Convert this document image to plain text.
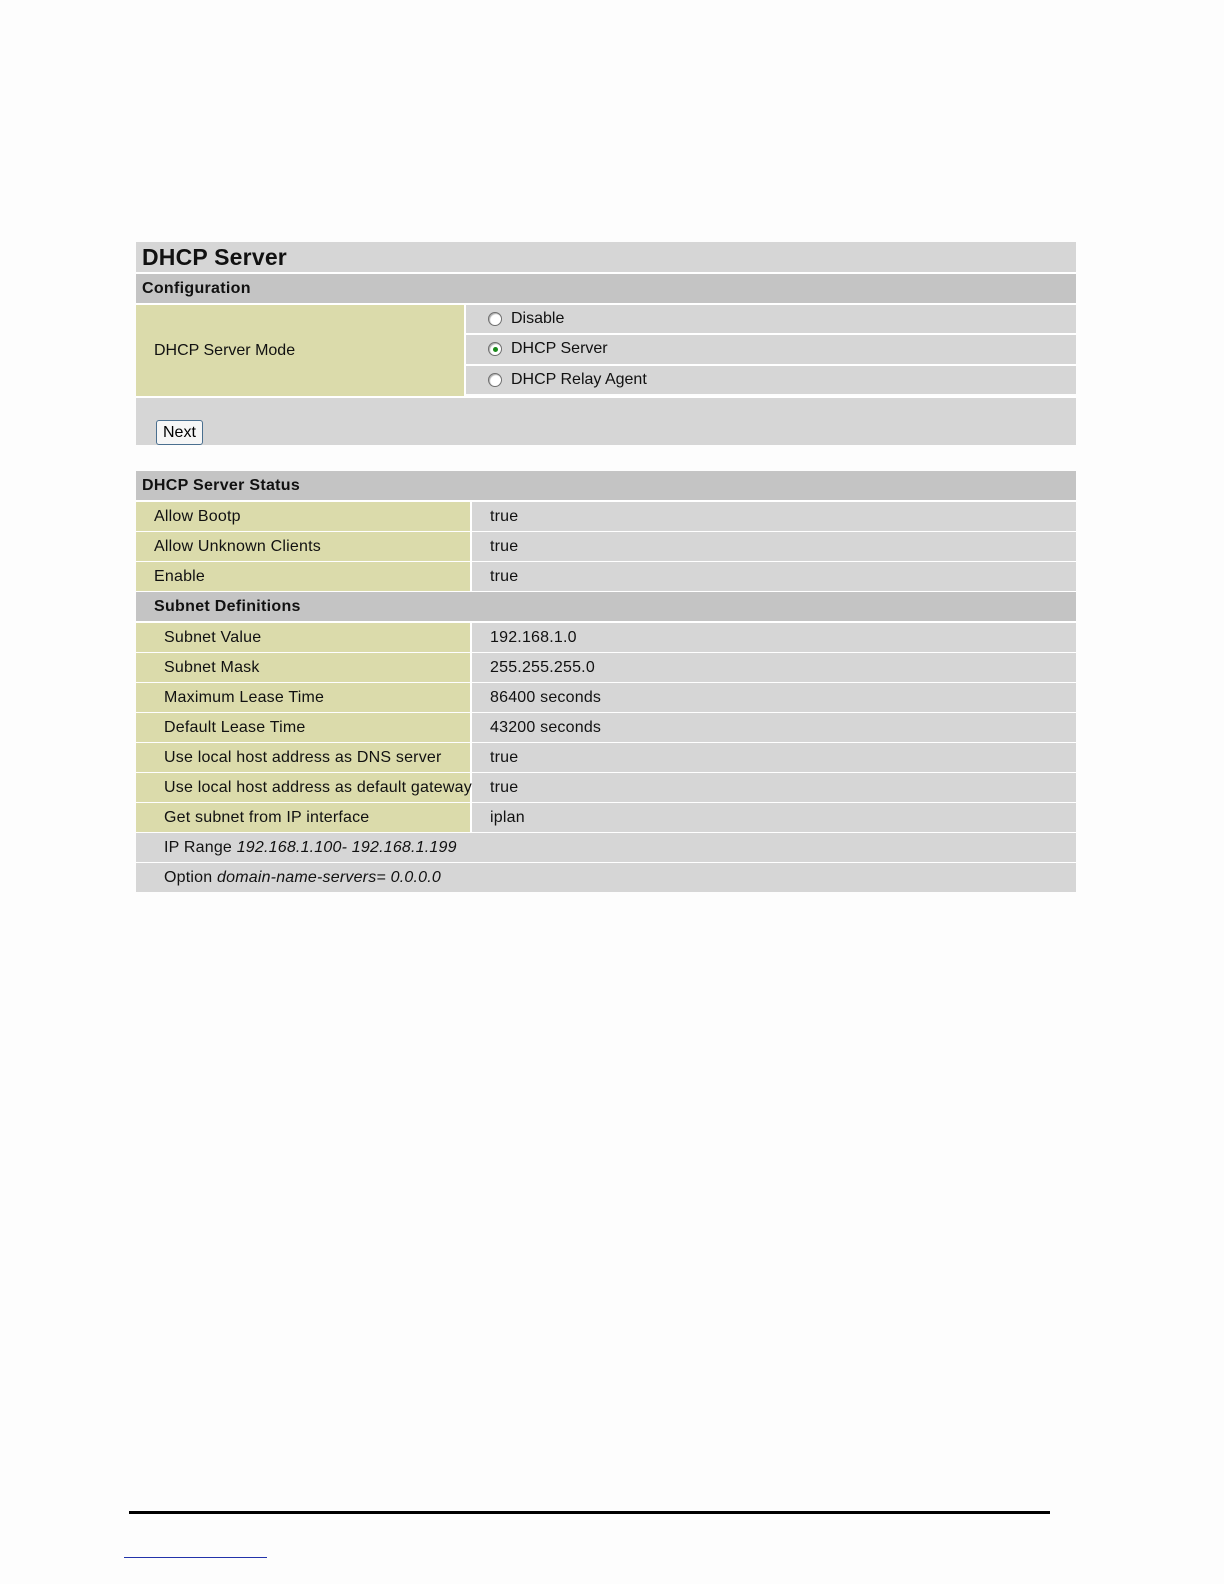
DHCP Server
Configuration
DHCP Server Mode
Disable
DHCP Server
DHCP Relay Agent
Next
DHCP Server Status
Allow Bootp	true
Allow Unknown Clients	true
Enable	true
Subnet Definitions
Subnet Value	192.168.1.0
Subnet Mask	255.255.255.0
Maximum Lease Time	86400 seconds
Default Lease Time	43200 seconds
Use local host address as DNS server	true
Use local host address as default gateway	true
Get subnet from IP interface	iplan
IP Range 192.168.1.100- 192.168.1.199
Option domain-name-servers= 0.0.0.0
